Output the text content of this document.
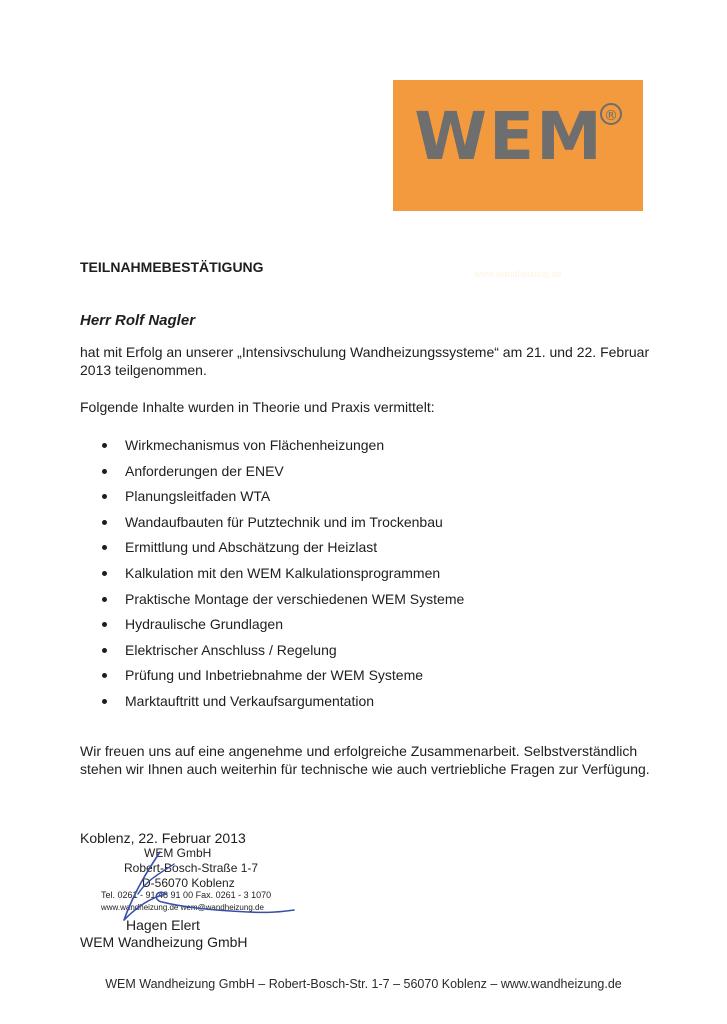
WEM ®
WANDHEIZUNG
www.wandheizung.de
TEILNAHMEBESTÄTIGUNG
Herr Rolf Nagler
hat mit Erfolg an unserer „Intensivschulung Wandheizungssysteme“ am 21. und 22. Februar 2013 teilgenommen.
Folgende Inhalte wurden in Theorie und Praxis vermittelt:
Wirkmechanismus von Flächenheizungen
Anforderungen der ENEV
Planungsleitfaden WTA
Wandaufbauten für Putztechnik und im Trockenbau
Ermittlung und Abschätzung der Heizlast
Kalkulation mit den WEM Kalkulationsprogrammen
Praktische Montage der verschiedenen WEM Systeme
Hydraulische Grundlagen
Elektrischer Anschluss / Regelung
Prüfung und Inbetriebnahme der WEM Systeme
Marktauftritt und Verkaufsargumentation
Wir freuen uns auf eine angenehme und erfolgreiche Zusammenarbeit. Selbstverständlich stehen wir Ihnen auch weiterhin für technische wie auch vertriebliche Fragen zur Verfügung.
Koblenz, 22. Februar 2013
WEM GmbH
Robert-Bosch-Straße 1-7
D-56070 Koblenz
Tel. 0261 - 91 48 91 00 Fax. 0261 - 3 1070
www.wandheizung.de wem@wandheizung.de
Hagen Elert
WEM Wandheizung GmbH
WEM Wandheizung GmbH – Robert-Bosch-Str. 1-7 – 56070 Koblenz – www.wandheizung.de
